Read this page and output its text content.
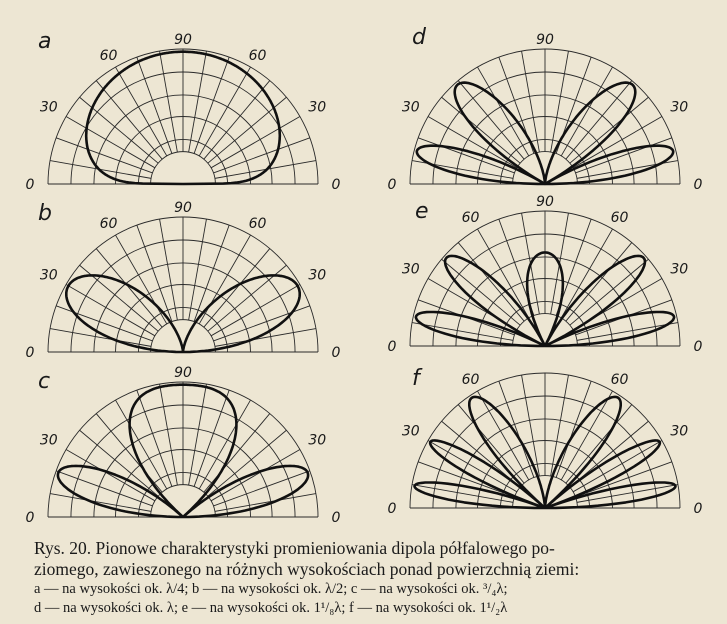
a
0
30
60
90
60
30
0
b
0
30
60
90
60
30
0
c
0
30
90
30
0
d
0
30
90
30
0
e
0
30
60
90
60
30
0
f
0
30
60	60
30
0
Rys. 20. Pionowe charakterystyki promieniowania dipola półfalowego po-
ziomego, zawieszonego na różnych wysokościach ponad powierzchnią ziemi:
a — na wysokości ok. λ/4; b — na wysokości ok. λ/2; c — na wysokości ok. ³/₄λ;
d — na wysokości ok. λ; e — na wysokości ok. 1¹/₈λ; f — na wysokości ok. 1¹/₂λ
